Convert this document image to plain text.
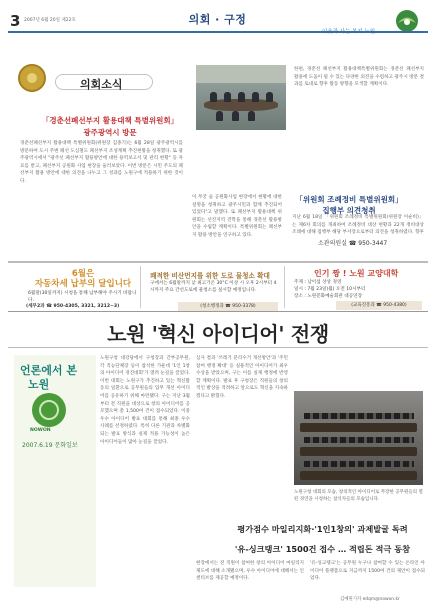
3 2007년 6월 20일 제22호	의회 · 구정
의회소식
「경춘선폐선부지 활용대책 특별위원회」
광주광역시 방문
경춘선폐선부지 활용대책 특별위원회(위원장 김종기)는 6월 28일 광주광역시를 방문하여 도시 주변 폐선 도심철도 폐선부지 조성계획 추진현황을 청취했다. 또 광주광역시에서 "광주선 폐선부지 활용방안에 대한 용역보고서 및 관리 현황" 등 자료를 받고, 폐선부지 공원화 사업 현장을 둘러보았다. 이번 방문은 시민 주도의 폐선부지 활용 방안에 대한 의견을 나누고 그 성과를 노원구에 적용하기 위한 것이다.
이 무궁 숲 공원화사업 현장에서 현황에 대한 설명을 청취하고 광주시민과 함께 추진되어 있었다"고 말했다. 또 폐선부지 활용대책 위원회는 선진지역 견학을 통해 경춘선 활용방안을 수립할 계획이다. 특별위원회는 폐선부지 활용 방안을 연구하고 있다.
한편, 경춘선 폐선부지 활용대책특별위원회는 경춘선 폐선부지 활용에 도움이 될 수 있는 다양한 의견을 수렴하고 광주시 방문 결과를 토대로 향후 활동 방향을 모색할 계획이다.
「위원회 조례정비 특별위원회」
집행부 의견청취
지난 6월 18일 「위원회 조례정비 특별위원회(위원장 이순희)」는 제6차 회의를 개최하여 조례정비 대상 현황과 22개 정비대상 조례에 대해 집행부 해당 부서장으로부터 의견을 청취하였다. 향후
소관의원실 ☎ 950-3447
6월은
자동차세 납부의 달입니다
6월말(30일까지) 시청을 통해 납부해야 주시기 바랍니다.
(세무2과 ☎ 950-4305, 3321, 3212~3)
쾌적한 비산먼지를 위한 도로 물청소 확대
구에서는 6월말까지 낮 최고기온 30°C 이상 시 오후 2시부터 4시까지 주요 간선도로에 물청소를 실시할 예정입니다.
(청소행정과 ☎ 950-3378)
인기 짱 ! 노원 교양대학
주제 : 남이섬 상상 경영
일시 : 7월 23일(월) 오전 10시부터
장소 : 노원문화예술회관 대공연장
(교육진흥과 ☎ 950-4380)
노원 '혁신 아이디어' 전쟁
언론에서 본
노원
NOWON
2007.6.19 문화일보
노원구청 대강당에서 구청장과 간부공무원, 각 직능단체장 등이 참석한 가운데 '1인 1창의 아이디어 경진대회'가 열려 눈길을 끌었다. 이번 대회는 노원구가 추진하고 있는 혁신활동의 일환으로 공무원들의 업무 개선 아이디어를 공유하기 위해 마련됐다. 구는 지난 3월부터 전 직원을 대상으로 창의 아이디어를 공모했으며 총 1,500여 건이 접수되었다. 이중 우수 아이디어 발표 대회를 통해 최종 우수 사례를 선정하였다. 특히 다른 기관과 차별화되는 발표 방식과 실제 적용 가능성이 높은 아이디어들이 많아 눈길을 끌었다.
심사 결과 '쓰레기 분리수거 개선방안'과 '주민 참여 행정 확대' 등 실용적인 아이디어가 최우수상을 받았으며, 구는 이를 실제 행정에 반영할 계획이다. 발표 후 구청장은 직원들의 창의적인 발상을 격려하고 앞으로도 혁신을 지속하겠다고 밝혔다.
노원구청 대회의 모습, 창의적인 아이디어로 무장한 공무원들의 열띤 경연을 시청하는 참석자들의 모습입니다.
평가점수 마일리지화·'1인1창의' 과제발굴 독려
'유-싱크탱크' 1500건 접수 … 적립돈 적극 동참
현장에서는 전 직원이 참여한 창의 아이디어 마일리지 제도에 대해 소개됐으며, 우수 아이디어에 대해서는 인센티브를 제공할 예정이다.
'유-싱크탱크'는 공무원 누구나 참여할 수 있는 온라인 아이디어 플랫폼으로 지금까지 1500여 건의 제안이 접수되었다.
김예원기자 edqm@nowon.kr
